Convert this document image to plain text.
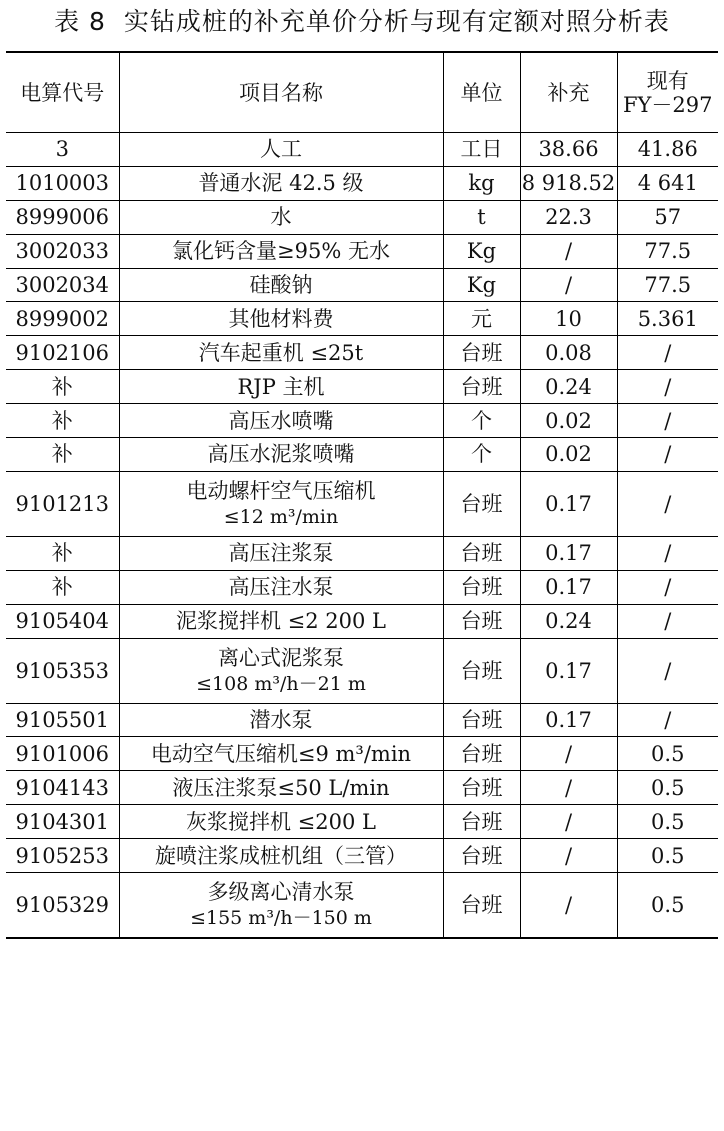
表 8 实钻成桩的补充单价分析与现有定额对照分析表
电算代号	项目名称	单位	补充	现有
FY－297
3	人工	工日	38.66	41.86
1010003	普通水泥 42.5 级	kg	8 918.52	4 641
8999006	水	t	22.3	57
3002033	氯化钙含量≥95% 无水	Kg	/	77.5
3002034	硅酸钠	Kg	/	77.5
8999002	其他材料费	元	10	5.361
9102106	汽车起重机 ≤25t	台班	0.08	/
补	RJP 主机	台班	0.24	/
补	高压水喷嘴	个	0.02	/
补	高压水泥浆喷嘴	个	0.02	/
9101213	电动螺杆空气压缩机
≤12 m³/min	台班	0.17	/
补	高压注浆泵	台班	0.17	/
补	高压注水泵	台班	0.17	/
9105404	泥浆搅拌机 ≤2 200 L	台班	0.24	/
9105353	离心式泥浆泵
≤108 m³/h－21 m	台班	0.17	/
9105501	潜水泵	台班	0.17	/
9101006	电动空气压缩机≤9 m³/min	台班	/	0.5
9104143	液压注浆泵≤50 L/min	台班	/	0.5
9104301	灰浆搅拌机 ≤200 L	台班	/	0.5
9105253	旋喷注浆成桩机组（三管）	台班	/	0.5
9105329	多级离心清水泵
≤155 m³/h－150 m	台班	/	0.5
